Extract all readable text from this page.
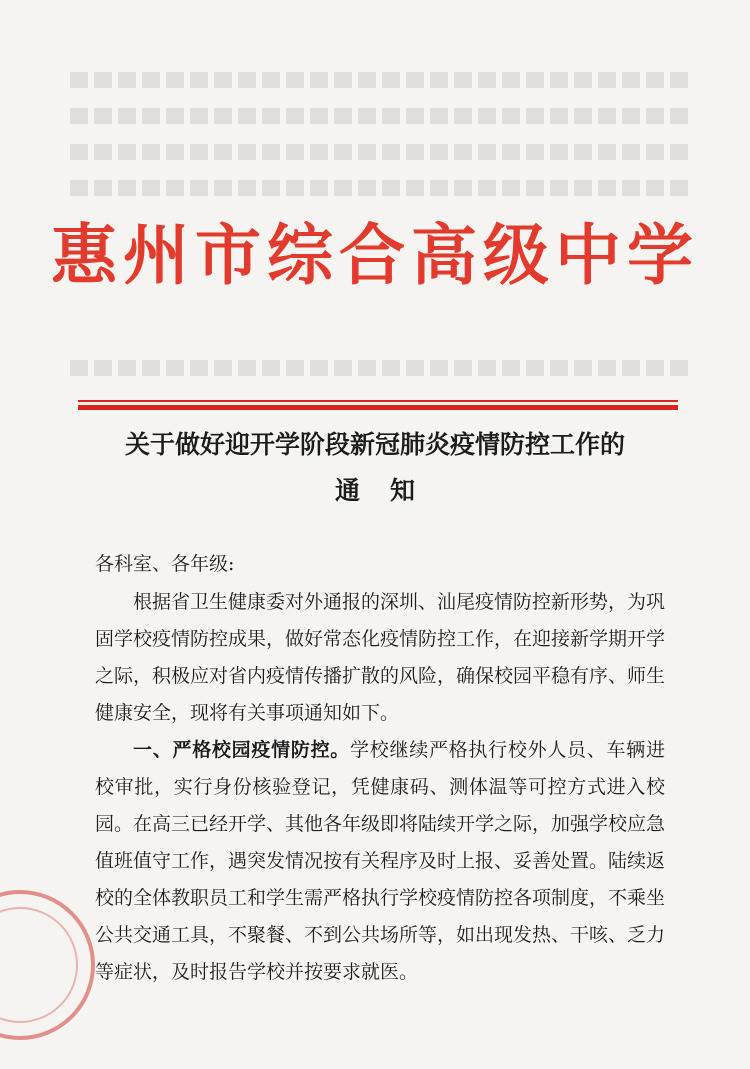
惠州市综合高级中学
关于做好迎开学阶段新冠肺炎疫情防控工作的
通知
各科室、各年级:
根据省卫生健康委对外通报的深圳、汕尾疫情防控新形势，为巩固学校疫情防控成果，做好常态化疫情防控工作，在迎接新学期开学之际，积极应对省内疫情传播扩散的风险，确保校园平稳有序、师生健康安全，现将有关事项通知如下。
一、严格校园疫情防控。学校继续严格执行校外人员、车辆进校审批，实行身份核验登记，凭健康码、测体温等可控方式进入校园。在高三已经开学、其他各年级即将陆续开学之际，加强学校应急值班值守工作，遇突发情况按有关程序及时上报、妥善处置。陆续返校的全体教职员工和学生需严格执行学校疫情防控各项制度，不乘坐公共交通工具，不聚餐、不到公共场所等，如出现发热、干咳、乏力等症状，及时报告学校并按要求就医。
